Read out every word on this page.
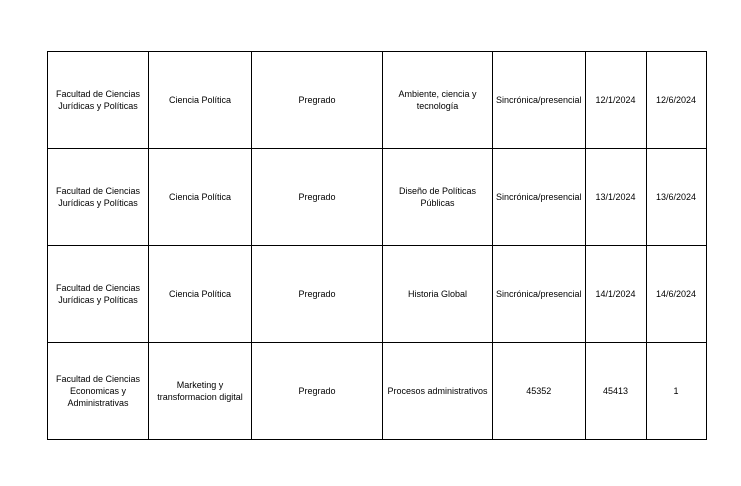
Facultad de Ciencias Jurídicas y Políticas	Ciencia Política	Pregrado	Ambiente, ciencia y tecnología	Sincrónica/presencial	12/1/2024	12/6/2024
Facultad de Ciencias Jurídicas y Políticas	Ciencia Política	Pregrado	Diseño de Políticas Públicas	Sincrónica/presencial	13/1/2024	13/6/2024
Facultad de Ciencias Jurídicas y Políticas	Ciencia Política	Pregrado	Historia Global	Sincrónica/presencial	14/1/2024	14/6/2024
Facultad de Ciencias Economicas y Administrativas	Marketing y transformacion digital	Pregrado	Procesos administrativos	45352	45413	1
